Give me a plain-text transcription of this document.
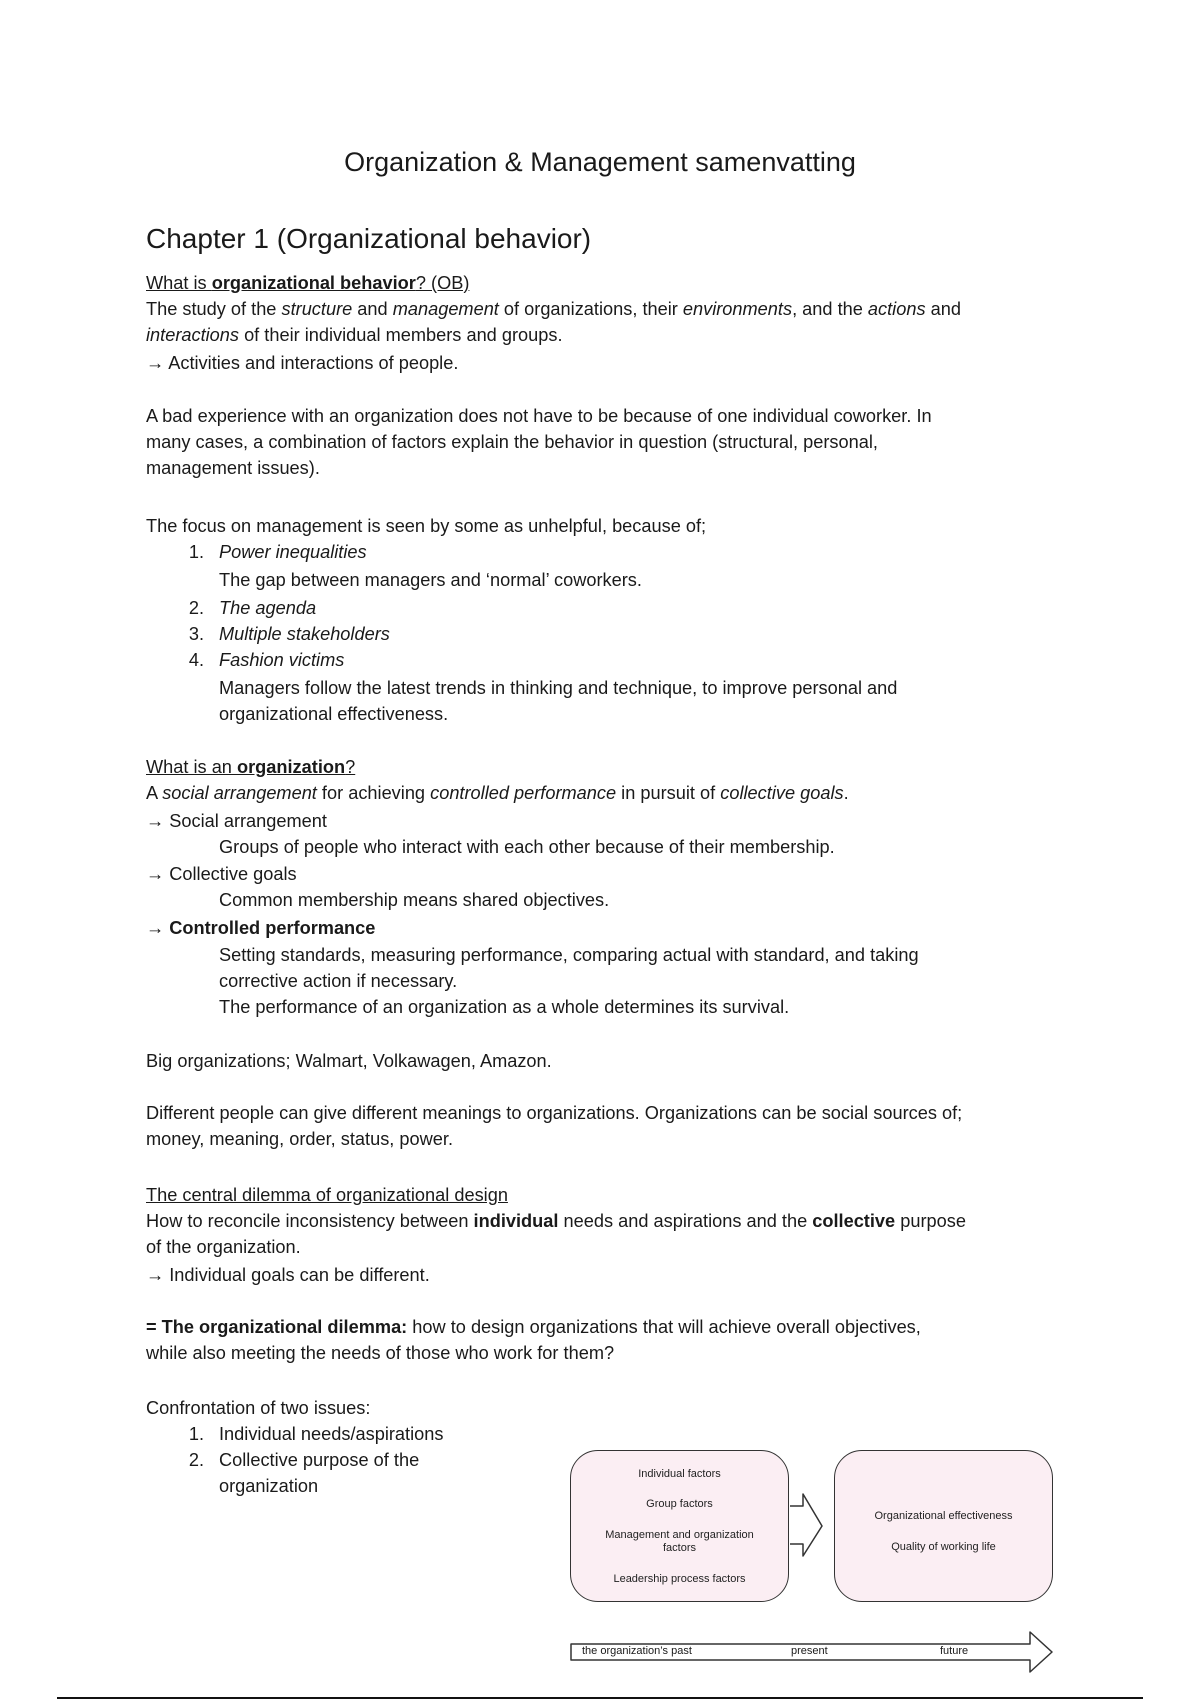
Organization & Management samenvatting
Chapter 1 (Organizational behavior)
What is organizational behavior? (OB)
The study of the structure and management of organizations, their environments, and the actions and
interactions of their individual members and groups.
→ Activities and interactions of people.
A bad experience with an organization does not have to be because of one individual coworker. In
many cases, a combination of factors explain the behavior in question (structural, personal,
management issues).
The focus on management is seen by some as unhelpful, because of;
1. Power inequalities
The gap between managers and ‘normal’ coworkers.
2. The agenda
3. Multiple stakeholders
4. Fashion victims
Managers follow the latest trends in thinking and technique, to improve personal and
organizational effectiveness.
What is an organization?
A social arrangement for achieving controlled performance in pursuit of collective goals.
→ Social arrangement
Groups of people who interact with each other because of their membership.
→ Collective goals
Common membership means shared objectives.
→ Controlled performance
Setting standards, measuring performance, comparing actual with standard, and taking
corrective action if necessary.
The performance of an organization as a whole determines its survival.
Big organizations; Walmart, Volkawagen, Amazon.
Different people can give different meanings to organizations. Organizations can be social sources of;
money, meaning, order, status, power.
The central dilemma of organizational design
How to reconcile inconsistency between individual needs and aspirations and the collective purpose
of the organization.
→ Individual goals can be different.
= The organizational dilemma: how to design organizations that will achieve overall objectives,
while also meeting the needs of those who work for them?
Confrontation of two issues:
1. Individual needs/aspirations
2. Collective purpose of the
organization
Individual factors
Group factors
Management and organization
factors
Leadership process factors
Organizational effectiveness
Quality of working life
the organization’s past	present	future
